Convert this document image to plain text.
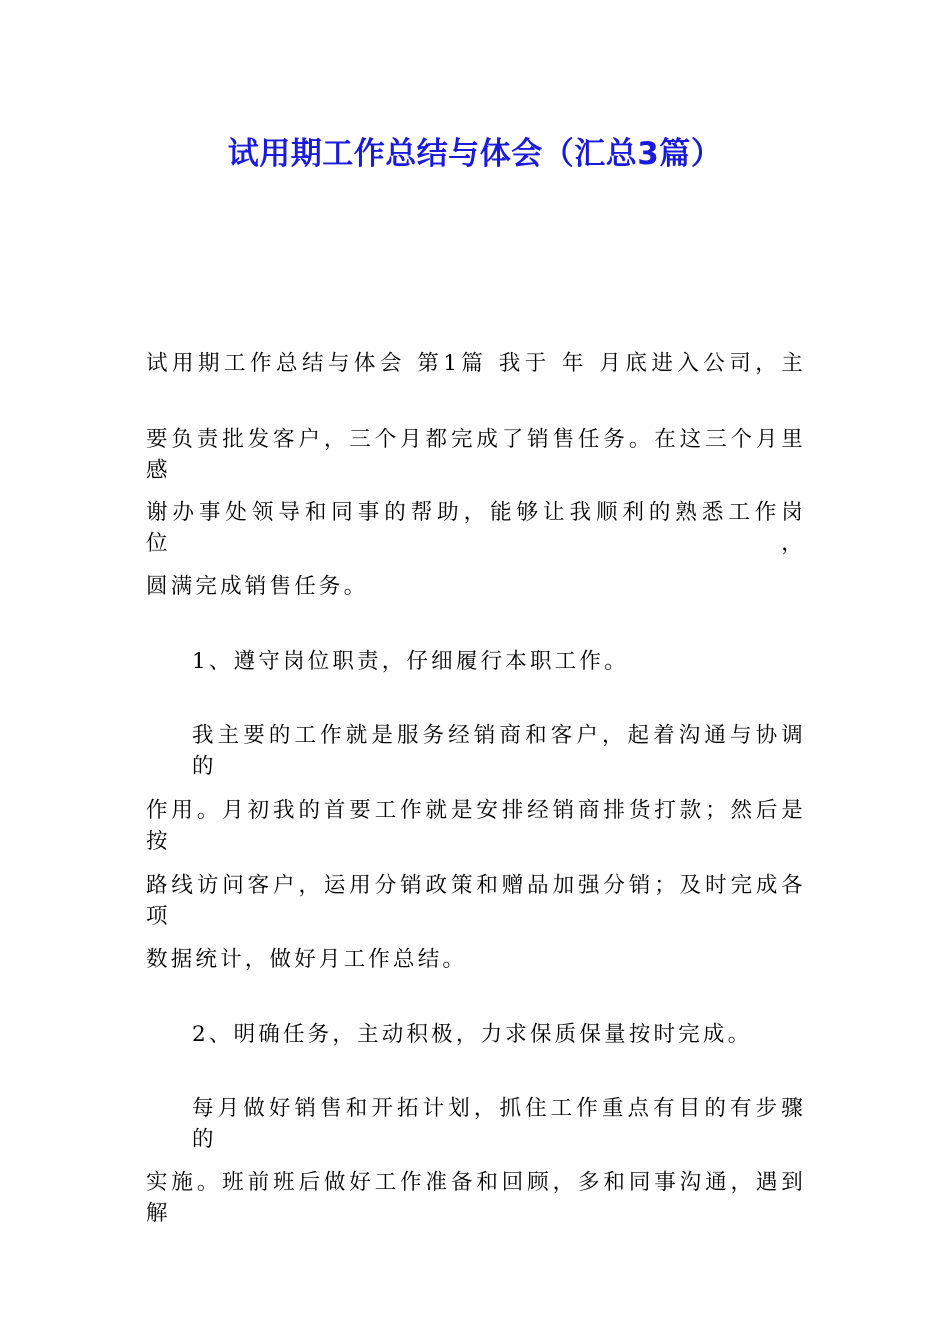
试用期工作总结与体会（汇总3篇）
试用期工作总结与体会 第1篇 我于 年 月底进入公司，主
要负责批发客户，三个月都完成了销售任务。在这三个月里感
谢办事处领导和同事的帮助，能够让我顺利的熟悉工作岗位，
圆满完成销售任务。
1、遵守岗位职责，仔细履行本职工作。
我主要的工作就是服务经销商和客户，起着沟通与协调的
作用。月初我的首要工作就是安排经销商排货打款；然后是按
路线访问客户，运用分销政策和赠品加强分销；及时完成各项
数据统计，做好月工作总结。
2、明确任务，主动积极，力求保质保量按时完成。
每月做好销售和开拓计划，抓住工作重点有目的有步骤的
实施。班前班后做好工作准备和回顾，多和同事沟通，遇到解
